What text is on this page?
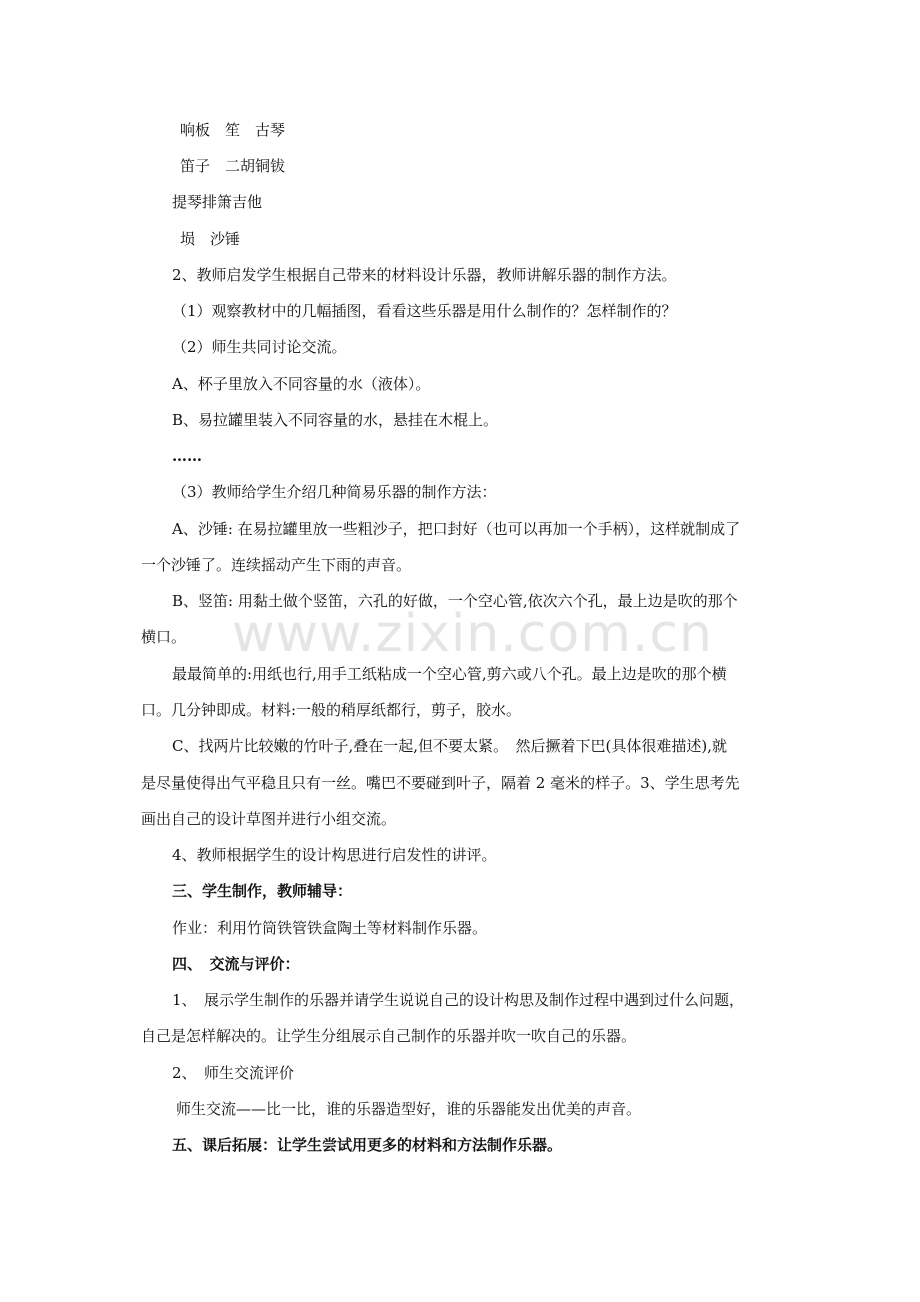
www.zixin.com.cn
响板　笙　古琴
笛子　二胡铜钹
提琴排箫吉他
埙　沙锤
2、教师启发学生根据自己带来的材料设计乐器，教师讲解乐器的制作方法。
（1）观察教材中的几幅插图，看看这些乐器是用什么制作的？怎样制作的？
（2）师生共同讨论交流。
A、杯子里放入不同容量的水（液体）。
B、易拉罐里装入不同容量的水，悬挂在木棍上。
……
（3）教师给学生介绍几种简易乐器的制作方法：
A、沙锤: 在易拉罐里放一些粗沙子，把口封好（也可以再加一个手柄），这样就制成了
一个沙锤了。连续摇动产生下雨的声音。
B、竖笛: 用黏土做个竖笛，六孔的好做，一个空心管,依次六个孔，最上边是吹的那个
横口。
最最简单的:用纸也行,用手工纸粘成一个空心管,剪六或八个孔。最上边是吹的那个横
口。几分钟即成。材料:一般的稍厚纸都行，剪子，胶水。
C、找两片比较嫩的竹叶子,叠在一起,但不要太紧。　然后撅着下巴(具体很难描述),就
是尽量使得出气平稳且只有一丝。嘴巴不要碰到叶子，隔着 2 毫米的样子。3、学生思考先
画出自己的设计草图并进行小组交流。
4、教师根据学生的设计构思进行启发性的讲评。
三、学生制作，教师辅导：
作业：利用竹筒铁管铁盒陶土等材料制作乐器。
四、　交流与评价：
1、　展示学生制作的乐器并请学生说说自己的设计构思及制作过程中遇到过什么问题，
自己是怎样解决的。让学生分组展示自己制作的乐器并吹一吹自己的乐器。
2、　师生交流评价
师生交流——比一比，谁的乐器造型好，谁的乐器能发出优美的声音。
五、课后拓展：让学生尝试用更多的材料和方法制作乐器。
